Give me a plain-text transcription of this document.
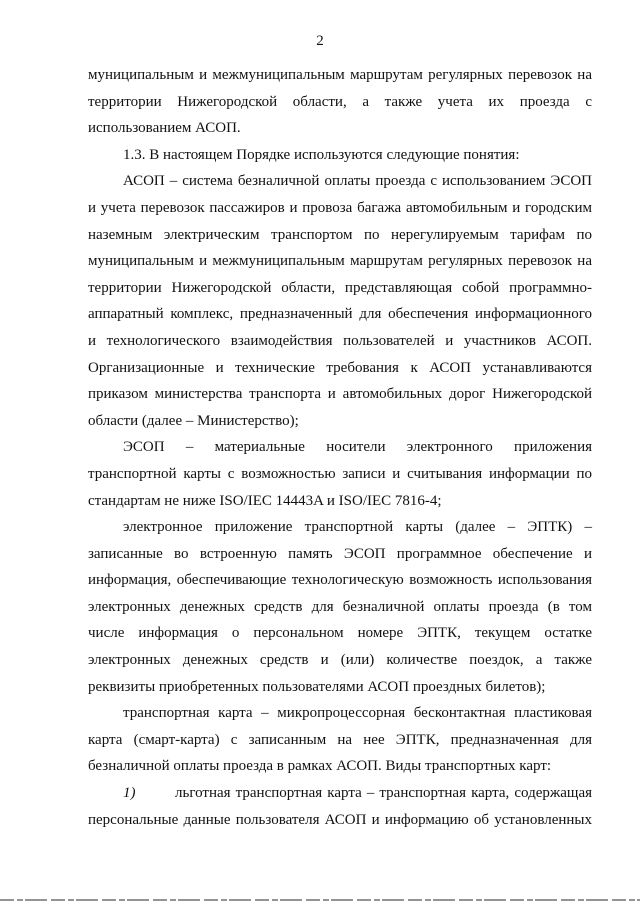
2
муниципальным и межмуниципальным маршрутам регулярных перевозок на
территории Нижегородской области, а также учета их проезда с
использованием АСОП.
1.3. В настоящем Порядке используются следующие понятия:
АСОП – система безналичной оплаты проезда с использованием ЭСОП
и учета перевозок пассажиров и провоза багажа автомобильным и городским
наземным электрическим транспортом по нерегулируемым тарифам по
муниципальным и межмуниципальным маршрутам регулярных перевозок на
территории Нижегородской области, представляющая собой программно-
аппаратный комплекс, предназначенный для обеспечения информационного
и технологического взаимодействия пользователей и участников АСОП.
Организационные и технические требования к АСОП устанавливаются
приказом министерства транспорта и автомобильных дорог Нижегородской
области (далее – Министерство);
ЭСОП – материальные носители электронного приложения
транспортной карты с возможностью записи и считывания информации по
стандартам не ниже ISO/IEC 14443A и ISO/IEC 7816-4;
электронное приложение транспортной карты (далее – ЭПТК) –
записанные во встроенную память ЭСОП программное обеспечение и
информация, обеспечивающие технологическую возможность использования
электронных денежных средств для безналичной оплаты проезда (в том
числе информация о персональном номере ЭПТК, текущем остатке
электронных денежных средств и (или) количестве поездок, а также
реквизиты приобретенных пользователями АСОП проездных билетов);
транспортная карта – микропроцессорная бесконтактная пластиковая
карта (смарт-карта) с записанным на нее ЭПТК, предназначенная для
безналичной оплаты проезда в рамках АСОП. Виды транспортных карт:
1)	льготная транспортная карта – транспортная карта, содержащая
персональные данные пользователя АСОП и информацию об установленных
